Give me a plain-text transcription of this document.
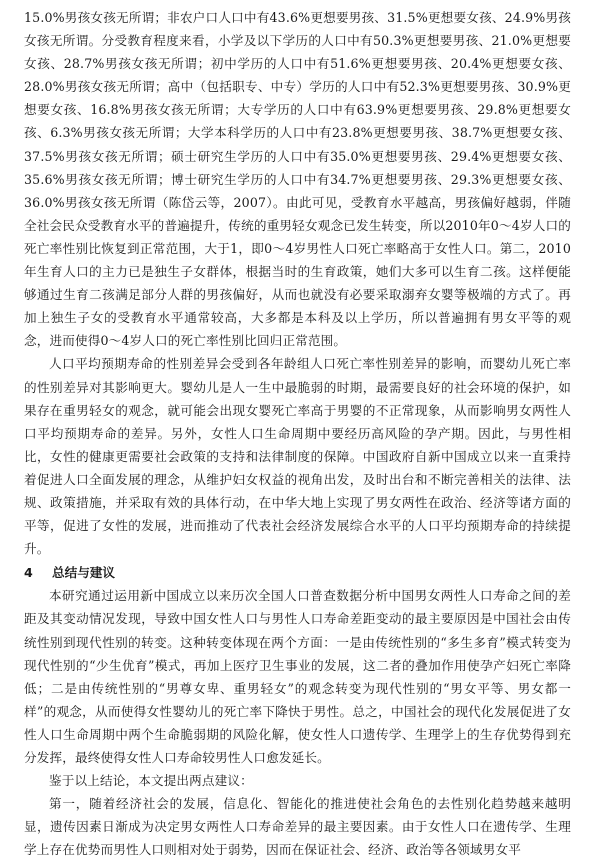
15.0%男孩女孩无所谓；非农户口人口中有43.6%更想要男孩、31.5%更想要女孩、24.9%男孩女孩无所谓。分受教育程度来看，小学及以下学历的人口中有50.3%更想要男孩、21.0%更想要女孩、28.7%男孩女孩无所谓；初中学历的人口中有51.6%更想要男孩、20.4%更想要女孩、28.0%男孩女孩无所谓；高中（包括职专、中专）学历的人口中有52.3%更想要男孩、30.9%更想要女孩、16.8%男孩女孩无所谓；大专学历的人口中有63.9%更想要男孩、29.8%更想要女孩、6.3%男孩女孩无所谓；大学本科学历的人口中有23.8%更想要男孩、38.7%更想要女孩、37.5%男孩女孩无所谓；硕士研究生学历的人口中有35.0%更想要男孩、29.4%更想要女孩、35.6%男孩女孩无所谓；博士研究生学历的人口中有34.7%更想要男孩、29.3%更想要女孩、36.0%男孩女孩无所谓（陈岱云等，2007）。由此可见，受教育水平越高，男孩偏好越弱，伴随全社会民众受教育水平的普遍提升，传统的重男轻女观念已发生转变，所以2010年0～4岁人口的死亡率性别比恢复到正常范围，大于1，即0～4岁男性人口死亡率略高于女性人口。第二，2010年生育人口的主力已是独生子女群体，根据当时的生育政策，她们大多可以生育二孩。这样便能够通过生育二孩满足部分人群的男孩偏好，从而也就没有必要采取溺弃女婴等极端的方式了。再加上独生子女的受教育水平通常较高，大多都是本科及以上学历，所以普遍拥有男女平等的观念，进而使得0～4岁人口的死亡率性别比回归正常范围。

人口平均预期寿命的性别差异会受到各年龄组人口死亡率性别差异的影响，而婴幼儿死亡率的性别差异对其影响更大。婴幼儿是人一生中最脆弱的时期，最需要良好的社会环境的保护，如果存在重男轻女的观念，就可能会出现女婴死亡率高于男婴的不正常现象，从而影响男女两性人口平均预期寿命的差异。另外，女性人口生命周期中要经历高风险的孕产期。因此，与男性相比，女性的健康更需要社会政策的支持和法律制度的保障。中国政府自新中国成立以来一直秉持着促进人口全面发展的理念，从维护妇女权益的视角出发，及时出台和不断完善相关的法律、法规、政策措施，并采取有效的具体行动，在中华大地上实现了男女两性在政治、经济等诸方面的平等，促进了女性的发展，进而推动了代表社会经济发展综合水平的人口平均预期寿命的持续提升。

4 总结与建议

本研究通过运用新中国成立以来历次全国人口普查数据分析中国男女两性人口寿命之间的差距及其变动情况发现，导致中国女性人口与男性人口寿命差距变动的最主要原因是中国社会由传统性别到现代性别的转变。这种转变体现在两个方面：一是由传统性别的“多生多育”模式转变为现代性别的“少生优育”模式，再加上医疗卫生事业的发展，这二者的叠加作用使孕产妇死亡率降低；二是由传统性别的“男尊女卑、重男轻女”的观念转变为现代性别的“男女平等、男女都一样”的观念，从而使得女性婴幼儿的死亡率下降快于男性。总之，中国社会的现代化发展促进了女性人口生命周期中两个生命脆弱期的风险化解，使女性人口遗传学、生理学上的生存优势得到充分发挥，最终使得女性人口寿命较男性人口愈发延长。

鉴于以上结论，本文提出两点建议：

第一，随着经济社会的发展，信息化、智能化的推进使社会角色的去性别化趋势越来越明显，遗传因素日渐成为决定男女两性人口寿命差异的最主要因素。由于女性人口在遗传学、生理学上存在优势而男性人口则相对处于弱势，因而在保证社会、经济、政治等各领域男女平
